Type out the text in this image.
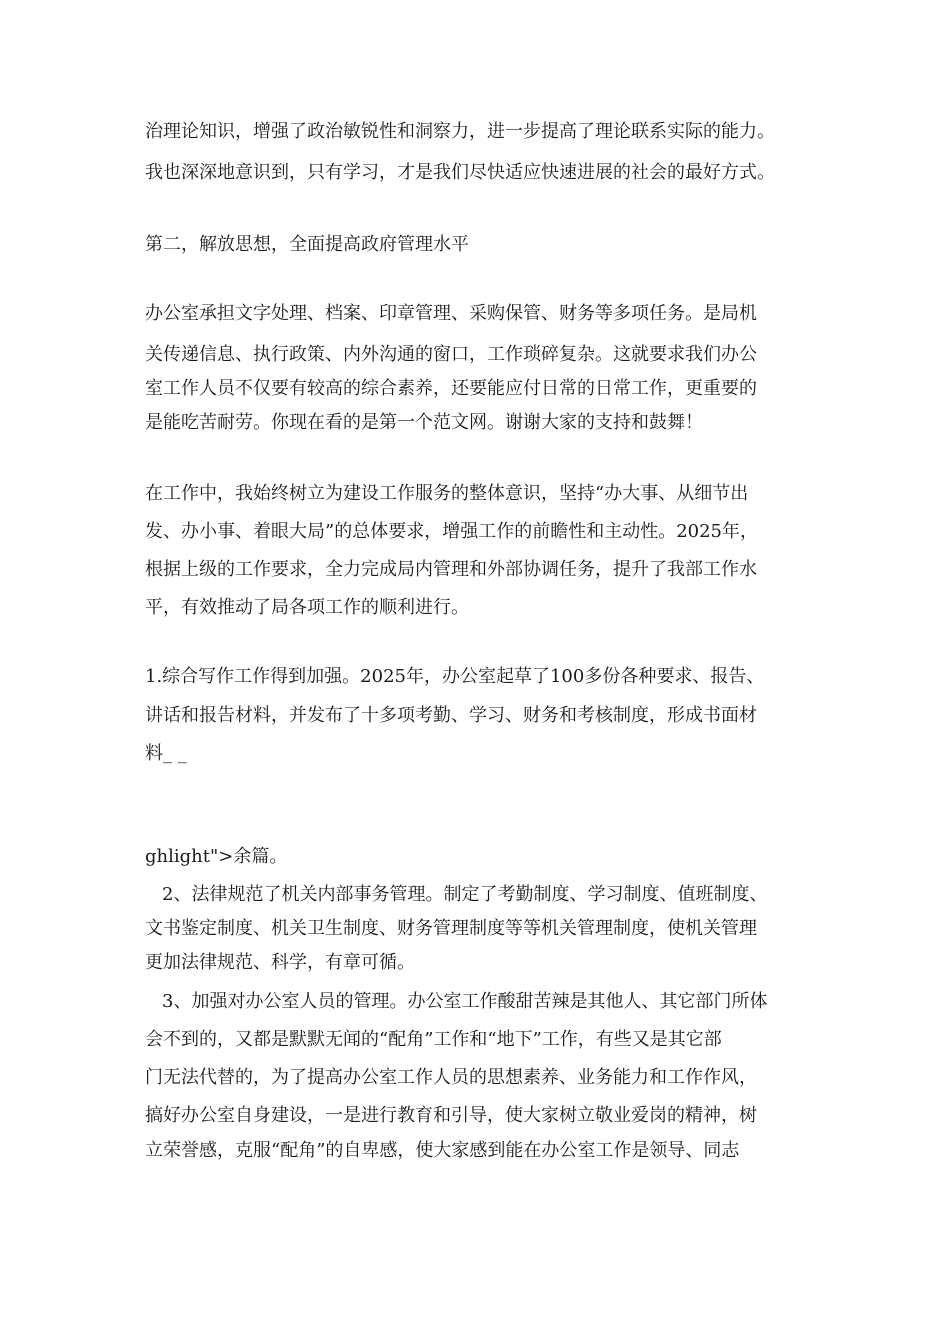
治理论知识，增强了政治敏锐性和洞察力，进一步提高了理论联系实际的能力。
我也深深地意识到，只有学习，才是我们尽快适应快速进展的社会的最好方式。
第二，解放思想，全面提高政府管理水平
办公室承担文字处理、档案、印章管理、采购保管、财务等多项任务。是局机
关传递信息、执行政策、内外沟通的窗口，工作琐碎复杂。这就要求我们办公
室工作人员不仅要有较高的综合素养，还要能应付日常的日常工作，更重要的
是能吃苦耐劳。你现在看的是第一个范文网。谢谢大家的支持和鼓舞！
在工作中，我始终树立为建设工作服务的整体意识，坚持“办大事、从细节出
发、办小事、着眼大局”的总体要求，增强工作的前瞻性和主动性。2025年，
根据上级的工作要求，全力完成局内管理和外部协调任务，提升了我部工作水
平，有效推动了局各项工作的顺利进行。
1.综合写作工作得到加强。2025年，办公室起草了100多份各种要求、报告、
讲话和报告材料，并发布了十多项考勤、学习、财务和考核制度，形成书面材
料_ _
ghlight">余篇。
2、法律规范了机关内部事务管理。制定了考勤制度、学习制度、值班制度、
文书鉴定制度、机关卫生制度、财务管理制度等等机关管理制度，使机关管理
更加法律规范、科学，有章可循。
3、加强对办公室人员的管理。办公室工作酸甜苦辣是其他人、其它部门所体
会不到的，又都是默默无闻的“配角”工作和“地下”工作，有些又是其它部
门无法代替的，为了提高办公室工作人员的思想素养、业务能力和工作作风，
搞好办公室自身建设，一是进行教育和引导，使大家树立敬业爱岗的精神，树
立荣誉感，克服“配角”的自卑感，使大家感到能在办公室工作是领导、同志
